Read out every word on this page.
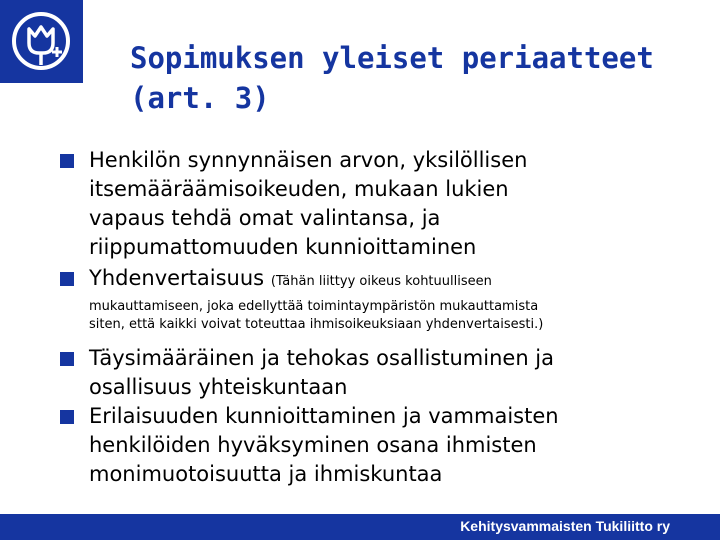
Sopimuksen yleiset periaatteet
(art. 3)
Henkilön synnynnäisen arvon, yksilöllisen
itsemääräämisoikeuden, mukaan lukien
vapaus tehdä omat valintansa, ja
riippumattomuuden kunnioittaminen
Yhdenvertaisuus (Tähän liittyy oikeus kohtuulliseen
mukauttamiseen, joka edellyttää toimintaympäristön mukauttamista
siten, että kaikki voivat toteuttaa ihmisoikeuksiaan yhdenvertaisesti.)
Täysimääräinen ja tehokas osallistuminen ja
osallisuus yhteiskuntaan
Erilaisuuden kunnioittaminen ja vammaisten
henkilöiden hyväksyminen osana ihmisten
monimuotoisuutta ja ihmiskuntaa
Kehitysvammaisten Tukiliitto ry
